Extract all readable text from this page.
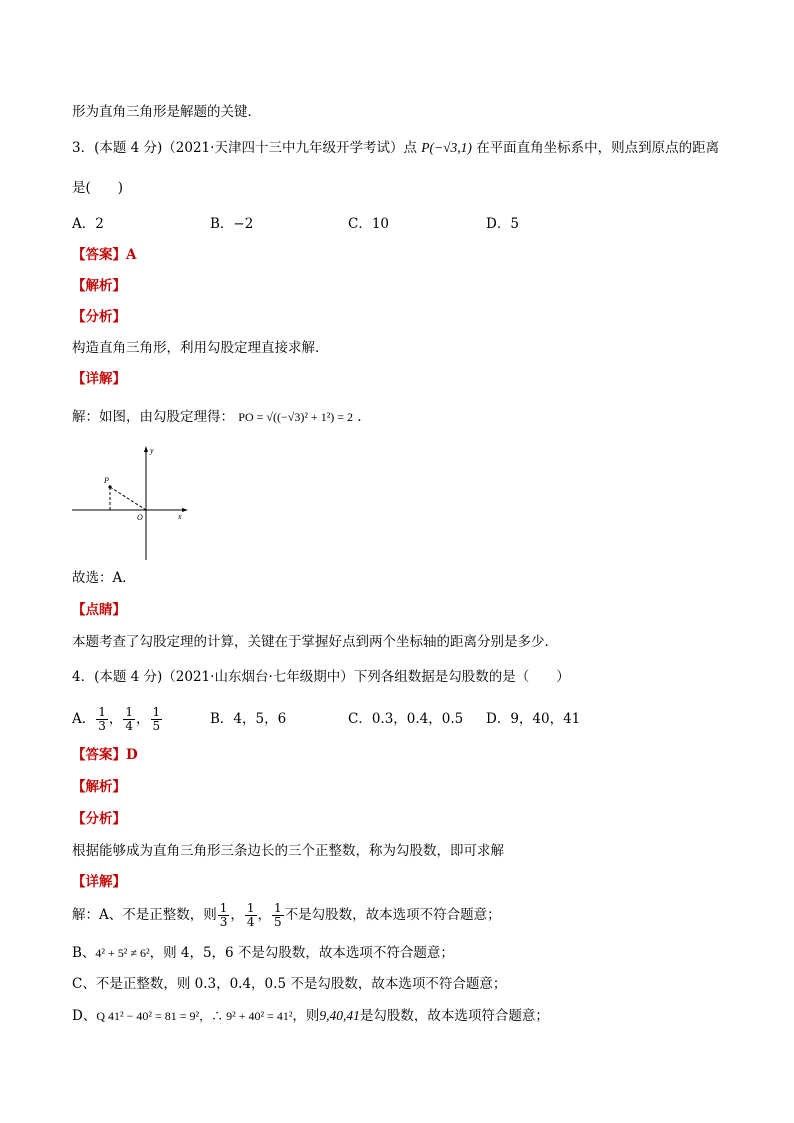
形为直角三角形是解题的关键．
3．(本题 4 分)（2021·天津四十三中九年级开学考试）点 P(−√3,1) 在平面直角坐标系中，则点到原点的距离
是(　　)
A．2	B．−2	C．10	D．5
【答案】A
【解析】
【分析】
构造直角三角形，利用勾股定理直接求解．
【详解】
解：如图，由勾股定理得： PO = √((−√3)² + 1²) = 2 ．
P
O	x
y
故选：A．
【点睛】
本题考查了勾股定理的计算，关键在于掌握好点到两个坐标轴的距离分别是多少．
4．(本题 4 分)（2021·山东烟台·七年级期中）下列各组数据是勾股数的是（　　）
A． $\frac{1}{3}$ ， $\frac{1}{4}$ ， $\frac{1}{5}$	B．4，5，6	C．0.3，0.4，0.5 D．9，40，41
【答案】D
【解析】
【分析】
根据能够成为直角三角形三条边长的三个正整数，称为勾股数，即可求解
【详解】
解：A、不是正整数，则 $\frac{1}{3}$ ， $\frac{1}{4}$ ， $\frac{1}{5}$ 不是勾股数，故本选项不符合题意；
B、4² + 5² ≠ 6²，则 4，5，6 不是勾股数，故本选项不符合题意；
C、不是正整数，则 0.3，0.4，0.5 不是勾股数，故本选项不符合题意；
D、Q 41² − 40² = 81 = 9²，∴ 9² + 40² = 41²，则9,40,41是勾股数，故本选项符合题意；
